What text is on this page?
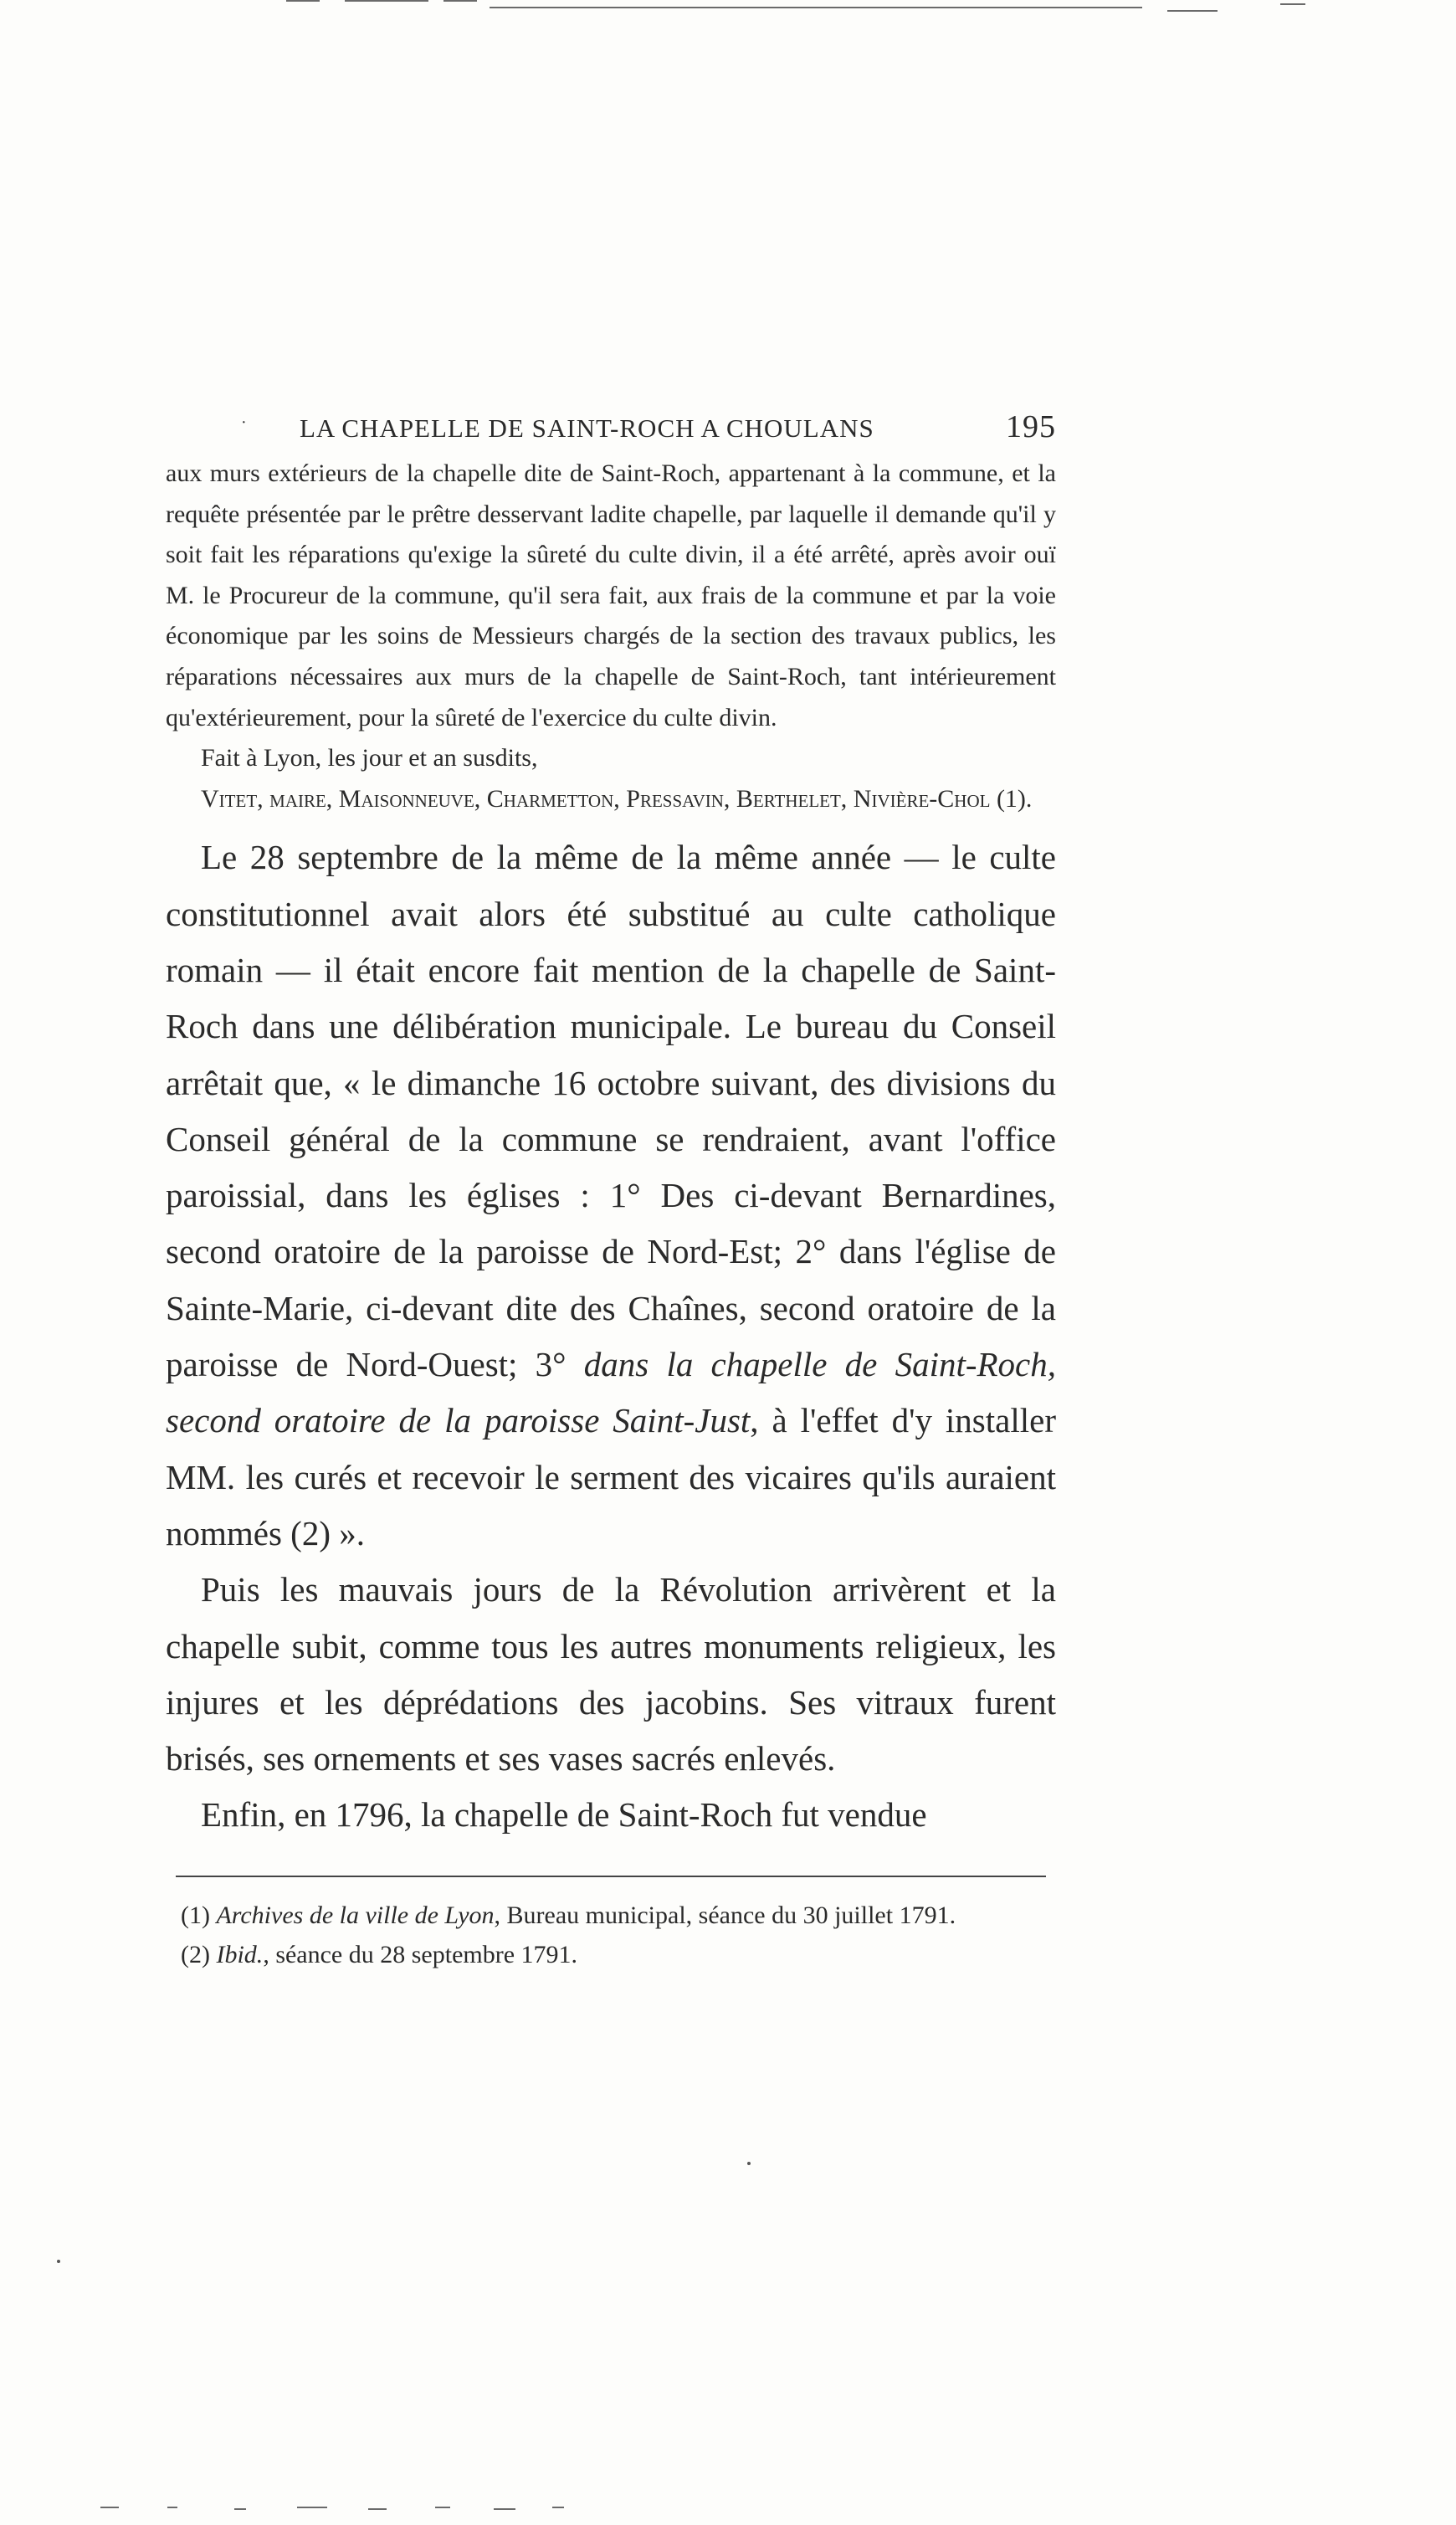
· LA CHAPELLE DE SAINT-ROCH A CHOULANS	195

aux murs extérieurs de la chapelle dite de Saint-Roch, appartenant à la commune, et la requête présentée par le prêtre desservant ladite chapelle, par laquelle il demande qu'il y soit fait les réparations qu'exige la sûreté du culte divin, il a été arrêté, après avoir ouï M. le Procureur de la commune, qu'il sera fait, aux frais de la commune et par la voie économique par les soins de Messieurs chargés de la section des travaux publics, les réparations nécessaires aux murs de la chapelle de Saint-Roch, tant intérieurement qu'extérieurement, pour la sûreté de l'exercice du culte divin.

Fait à Lyon, les jour et an susdits,

Vitet, maire, Maisonneuve, Charmetton, Pressavin, Berthelet, Nivière-Chol (1).

Le 28 septembre de la même de la même année — le culte constitutionnel avait alors été substitué au culte catholique romain — il était encore fait mention de la chapelle de Saint-Roch dans une délibération municipale. Le bureau du Conseil arrêtait que, « le dimanche 16 octobre suivant, des divisions du Conseil général de la commune se rendraient, avant l'office paroissial, dans les églises : 1° Des ci-devant Bernardines, second oratoire de la paroisse de Nord-Est; 2° dans l'église de Sainte-Marie, ci-devant dite des Chaînes, second oratoire de la paroisse de Nord-Ouest; 3° dans la chapelle de Saint-Roch, second oratoire de la paroisse Saint-Just, à l'effet d'y installer MM. les curés et recevoir le serment des vicaires qu'ils auraient nommés (2) ».

Puis les mauvais jours de la Révolution arrivèrent et la chapelle subit, comme tous les autres monuments religieux, les injures et les déprédations des jacobins. Ses vitraux furent brisés, ses ornements et ses vases sacrés enlevés.

Enfin, en 1796, la chapelle de Saint-Roch fut vendue

(1) Archives de la ville de Lyon, Bureau municipal, séance du 30 juillet 1791.

(2) Ibid., séance du 28 septembre 1791.
